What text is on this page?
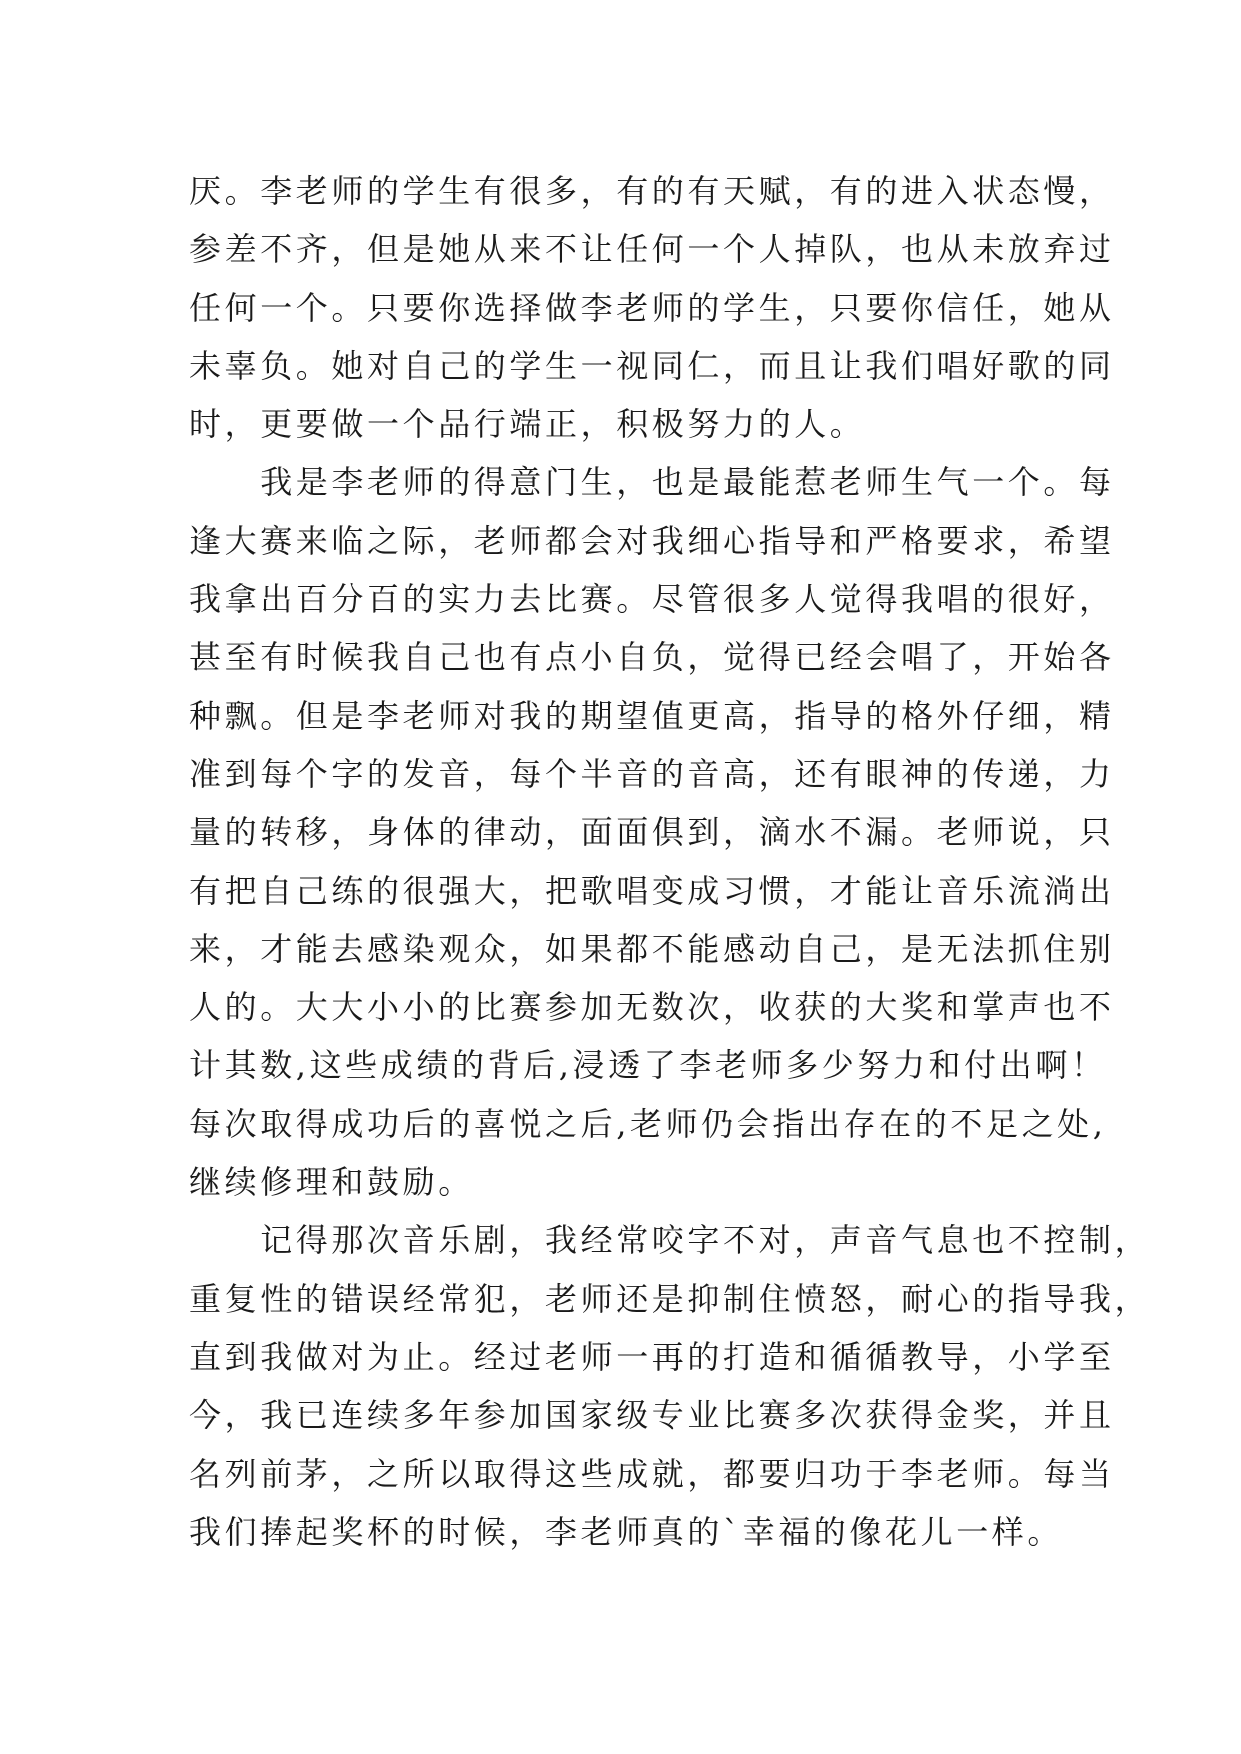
厌。李老师的学生有很多，有的有天赋，有的进入状态慢，
参差不齐，但是她从来不让任何一个人掉队，也从未放弃过
任何一个。只要你选择做李老师的学生，只要你信任，她从
未辜负。她对自己的学生一视同仁，而且让我们唱好歌的同
时，更要做一个品行端正，积极努力的人。
　　我是李老师的得意门生，也是最能惹老师生气一个。每
逢大赛来临之际，老师都会对我细心指导和严格要求，希望
我拿出百分百的实力去比赛。尽管很多人觉得我唱的很好，
甚至有时候我自己也有点小自负，觉得已经会唱了，开始各
种飘。但是李老师对我的期望值更高，指导的格外仔细，精
准到每个字的发音，每个半音的音高，还有眼神的传递，力
量的转移，身体的律动，面面俱到，滴水不漏。老师说，只
有把自己练的很强大，把歌唱变成习惯，才能让音乐流淌出
来，才能去感染观众，如果都不能感动自己，是无法抓住别
人的。大大小小的比赛参加无数次，收获的大奖和掌声也不
计其数,这些成绩的背后,浸透了李老师多少努力和付出啊！
每次取得成功后的喜悦之后,老师仍会指出存在的不足之处,
继续修理和鼓励。
　　记得那次音乐剧，我经常咬字不对，声音气息也不控制，
重复性的错误经常犯，老师还是抑制住愤怒，耐心的指导我，
直到我做对为止。经过老师一再的打造和循循教导，小学至
今，我已连续多年参加国家级专业比赛多次获得金奖，并且
名列前茅，之所以取得这些成就，都要归功于李老师。每当
我们捧起奖杯的时候，李老师真的`幸福的像花儿一样。
